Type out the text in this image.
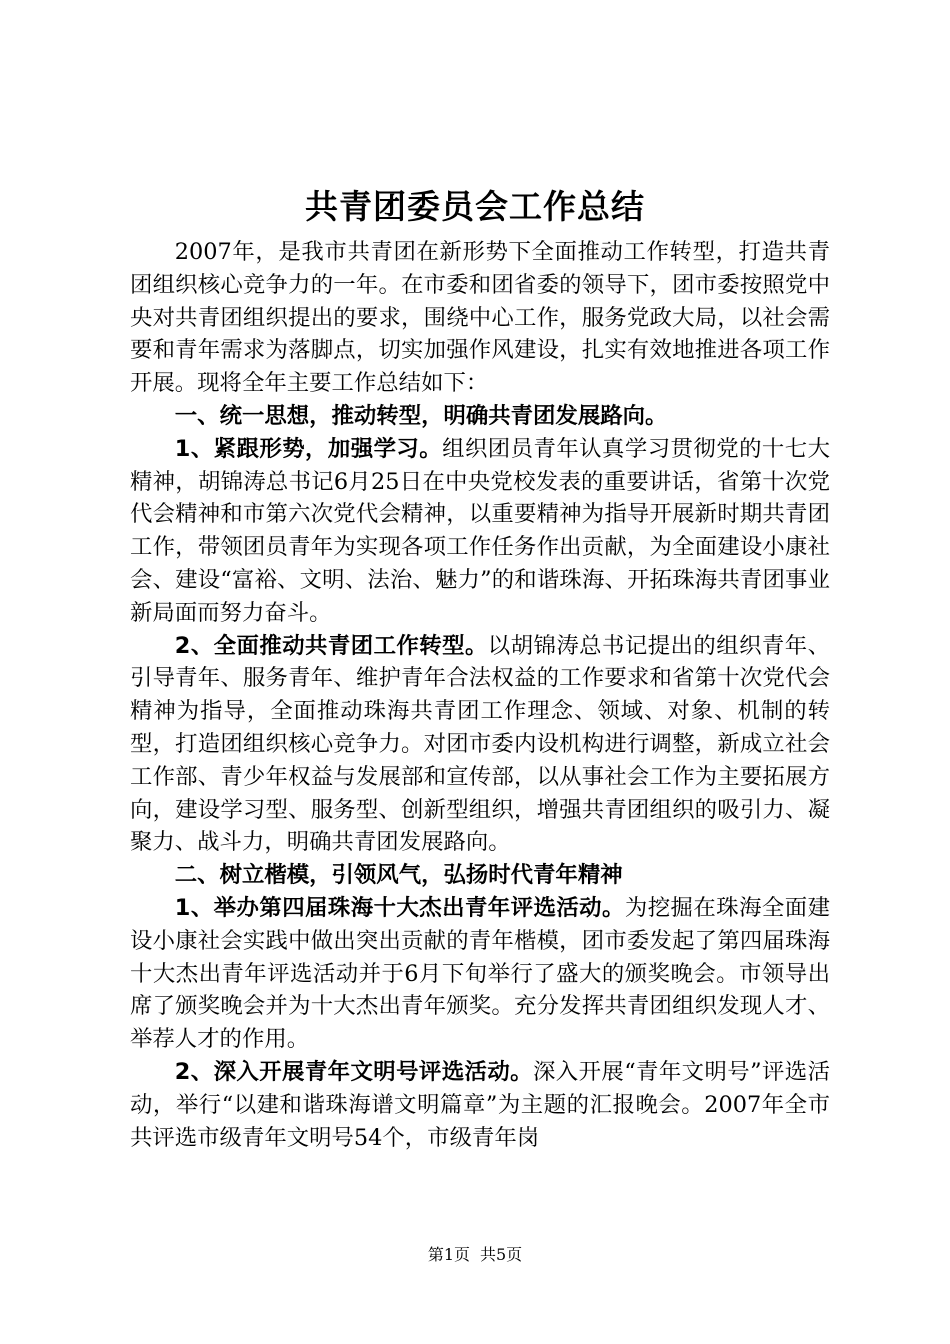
共青团委员会工作总结

2007年，是我市共青团在新形势下全面推动工作转型，打造共青团组织核心竞争力的一年。在市委和团省委的领导下，团市委按照党中央对共青团组织提出的要求，围绕中心工作，服务党政大局，以社会需要和青年需求为落脚点，切实加强作风建设，扎实有效地推进各项工作开展。现将全年主要工作总结如下：

一、统一思想，推动转型，明确共青团发展路向。

1、紧跟形势，加强学习。组织团员青年认真学习贯彻党的十七大精神，胡锦涛总书记6月25日在中央党校发表的重要讲话，省第十次党代会精神和市第六次党代会精神，以重要精神为指导开展新时期共青团工作，带领团员青年为实现各项工作任务作出贡献，为全面建设小康社会、建设“富裕、文明、法治、魅力”的和谐珠海、开拓珠海共青团事业新局面而努力奋斗。

2、全面推动共青团工作转型。以胡锦涛总书记提出的组织青年、引导青年、服务青年、维护青年合法权益的工作要求和省第十次党代会精神为指导，全面推动珠海共青团工作理念、领域、对象、机制的转型，打造团组织核心竞争力。对团市委内设机构进行调整，新成立社会工作部、青少年权益与发展部和宣传部，以从事社会工作为主要拓展方向，建设学习型、服务型、创新型组织，增强共青团组织的吸引力、凝聚力、战斗力，明确共青团发展路向。

二、树立楷模，引领风气，弘扬时代青年精神

1、举办第四届珠海十大杰出青年评选活动。为挖掘在珠海全面建设小康社会实践中做出突出贡献的青年楷模，团市委发起了第四届珠海十大杰出青年评选活动并于6月下旬举行了盛大的颁奖晚会。市领导出席了颁奖晚会并为十大杰出青年颁奖。充分发挥共青团组织发现人才、举荐人才的作用。

2、深入开展青年文明号评选活动。深入开展“青年文明号”评选活动，举行“以建和谐珠海谱文明篇章”为主题的汇报晚会。2007年全市共评选市级青年文明号54个，市级青年岗

第1页 共5页
